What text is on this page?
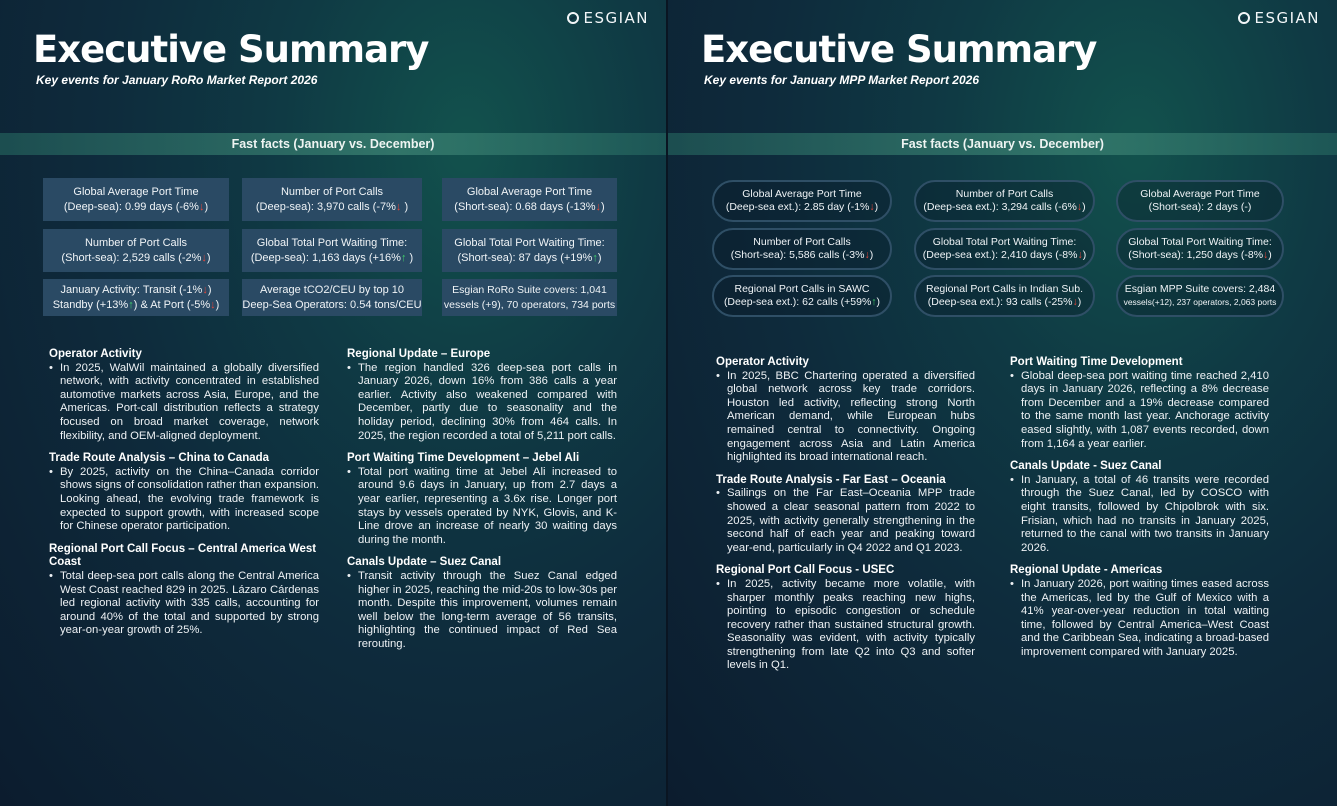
ESGIAN
Executive Summary
Key events for January RoRo Market Report 2026
Fast facts (January vs. December)
Global Average Port Time
(Deep-sea): 0.99 days (-6%↓)
Number of Port Calls
(Deep-sea): 3,970 calls (-7%↓ )
Global Average Port Time
(Short-sea): 0.68 days (-13%↓)
Number of Port Calls
(Short-sea): 2,529 calls (-2%↓)
Global Total Port Waiting Time:
(Deep-sea): 1,163 days (+16%↑ )
Global Total Port Waiting Time:
(Short-sea): 87 days (+19%↑)
January Activity: Transit (-1%↓)
Standby (+13%↑) & At Port (-5%↓)
Average tCO2/CEU by top 10
Deep-Sea Operators: 0.54 tons/CEU
Esgian RoRo Suite covers: 1,041
vessels (+9), 70 operators, 734 ports
Operator Activity
• In 2025, WalWil maintained a globally diversified network, with activity concentrated in established automotive markets across Asia, Europe, and the Americas. Port-call distribution reflects a strategy focused on broad market coverage, network flexibility, and OEM-aligned deployment.
Trade Route Analysis – China to Canada
• By 2025, activity on the China–Canada corridor shows signs of consolidation rather than expansion. Looking ahead, the evolving trade framework is expected to support growth, with increased scope for Chinese operator participation.
Regional Port Call Focus – Central America West Coast
• Total deep-sea port calls along the Central America West Coast reached 829 in 2025. Lázaro Cárdenas led regional activity with 335 calls, accounting for around 40% of the total and supported by strong year-on-year growth of 25%.
Regional Update – Europe
• The region handled 326 deep-sea port calls in January 2026, down 16% from 386 calls a year earlier. Activity also weakened compared with December, partly due to seasonality and the holiday period, declining 30% from 464 calls. In 2025, the region recorded a total of 5,211 port calls.
Port Waiting Time Development – Jebel Ali
• Total port waiting time at Jebel Ali increased to around 9.6 days in January, up from 2.7 days a year earlier, representing a 3.6x rise. Longer port stays by vessels operated by NYK, Glovis, and K-Line drove an increase of nearly 30 waiting days during the month.
Canals Update – Suez Canal
• Transit activity through the Suez Canal edged higher in 2025, reaching the mid-20s to low-30s per month. Despite this improvement, volumes remain well below the long-term average of 56 transits, highlighting the continued impact of Red Sea rerouting.
ESGIAN
Executive Summary
Key events for January MPP Market Report 2026
Fast facts (January vs. December)
Global Average Port Time
(Deep-sea ext.): 2.85 day (-1%↓)
Number of Port Calls
(Deep-sea ext.): 3,294 calls (-6%↓)
Global Average Port Time
(Short-sea): 2 days (-)
Number of Port Calls
(Short-sea): 5,586 calls (-3%↓)
Global Total Port Waiting Time:
(Deep-sea ext.): 2,410 days (-8%↓)
Global Total Port Waiting Time:
(Short-sea): 1,250 days (-8%↓)
Regional Port Calls in SAWC
(Deep-sea ext.): 62 calls (+59%↑)
Regional Port Calls in Indian Sub.
(Deep-sea ext.): 93 calls (-25%↓)
Esgian MPP Suite covers: 2,484
vessels(+12), 237 operators, 2,063 ports
Operator Activity
• In 2025, BBC Chartering operated a diversified global network across key trade corridors. Houston led activity, reflecting strong North American demand, while European hubs remained central to connectivity. Ongoing engagement across Asia and Latin America highlighted its broad international reach.
Trade Route Analysis - Far East – Oceania
• Sailings on the Far East–Oceania MPP trade showed a clear seasonal pattern from 2022 to 2025, with activity generally strengthening in the second half of each year and peaking toward year-end, particularly in Q4 2022 and Q1 2023.
Regional Port Call Focus - USEC
• In 2025, activity became more volatile, with sharper monthly peaks reaching new highs, pointing to episodic congestion or schedule recovery rather than sustained structural growth. Seasonality was evident, with activity typically strengthening from late Q2 into Q3 and softer levels in Q1.
Port Waiting Time Development
• Global deep-sea port waiting time reached 2,410 days in January 2026, reflecting a 8% decrease from December and a 19% decrease compared to the same month last year. Anchorage activity eased slightly, with 1,087 events recorded, down from 1,164 a year earlier.
Canals Update - Suez Canal
• In January, a total of 46 transits were recorded through the Suez Canal, led by COSCO with eight transits, followed by Chipolbrok with six. Frisian, which had no transits in January 2025, returned to the canal with two transits in January 2026.
Regional Update - Americas
• In January 2026, port waiting times eased across the Americas, led by the Gulf of Mexico with a 41% year-over-year reduction in total waiting time, followed by Central America–West Coast and the Caribbean Sea, indicating a broad-based improvement compared with January 2025.
